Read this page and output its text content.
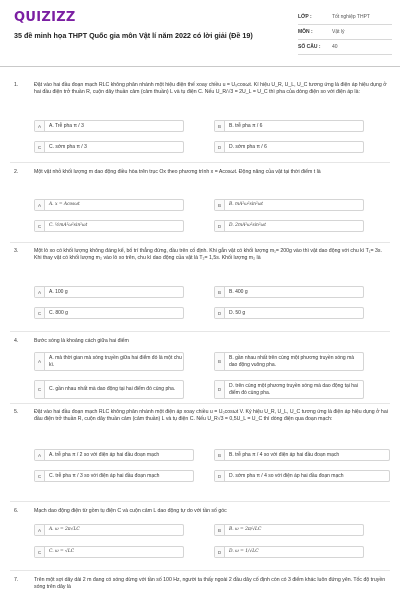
QUIZIZZ
35 đề minh họa THPT Quốc gia môn Vật lí năm 2022 có lời giải (Đề 19)
LỚP :	Tốt nghiệp THPT
MÔN :	Vật lý
SỐ CÂU :	40
1.	Đặt vào hai đầu đoạn mạch RLC không phân nhánh một hiệu điện thế xoay chiều u = U₀cosωt. Kí hiệu U_R, U_L, U_C tương ứng là điện áp hiệu dụng ở hai đầu điện trở thuần R, cuộn dây thuần cảm (cảm thuần) L và tụ điện C. Nếu U_R/√3 = 2U_L = U_C thì pha của dòng điện so với điện áp là:
A	A. Trễ pha π / 3	B	B. trễ pha π / 6
C	C. sớm pha π / 3	D	D. sớm pha π / 6
2.	Một vật nhỏ khối lượng m dao động điều hòa trên trục Ox theo phương trình x = Acosωt. Động năng của vật tại thời điểm t là
A	A. x = Acosωt	B	B. mA²ω²sin²ωt
C	C. ½mA²ω²sin²ωt	D	D. 2mA²ω²sin²ωt
3.	Một lò xo có khối lượng không đáng kể, bố trí thẳng đứng, đầu trên cố định. Khi gắn vật có khối lượng m₁= 200g vào thì vật dao động với chu kì T₁= 3s. Khi thay vật có khối lượng m₂ vào lò xo trên, chu kì dao động của vật là T₂= 1,5s. Khối lượng m₂ là
A	A. 100 g	B	B. 400 g
C	C. 800 g	D	D. 50 g
4.	Bước sóng là khoảng cách giữa hai điểm
A
A. mà thời gian mà sóng truyền giữa hai điểm đó là một chu kì.	B
B. gần nhau nhất trên cùng một phương truyền sóng mà dao động vuông pha.
C	C. gần nhau nhất mà dao động tại hai điểm đó cùng pha.	D
D. trên cùng một phương truyền sóng mà dao động tại hai điểm đó cùng pha.
5.	Đặt vào hai đầu đoạn mạch RLC không phân nhánh một điện áp xoay chiều u = U₀cosωt V. Ký hiệu U_R, U_L, U_C tương ứng là điện áp hiệu dụng ở hai đầu điện trở thuần R, cuộn dây thuần cảm (cảm thuần) L và tụ điện C. Nếu U_R√3 = 0,5U_L = U_C thì dòng điện qua đoạn mạch:
A	A. trễ pha π / 2 so với điện áp hai đầu đoạn mạch	B	B. trễ pha π / 4 so với điện áp hai đầu đoạn mạch
C	C. trễ pha π / 3 so với điện áp hai đầu đoạn mạch	D	D. sớm pha π / 4 so với điện áp hai đầu đoạn mạch
6.	Mạch dao động điện từ gồm tụ điện C và cuộn cảm L dao động tự do với tần số góc
A	A. ω = 2π√LC	B	B. ω = 2π/√LC
C	C. ω = √LC	D	D. ω = 1/√LC
7.	Trên một sợi dây dài 2 m đang có sóng dừng với tần số 100 Hz, người ta thấy ngoài 2 đầu dây cố định còn có 3 điểm khác luôn đứng yên. Tốc độ truyền sóng trên dây là
